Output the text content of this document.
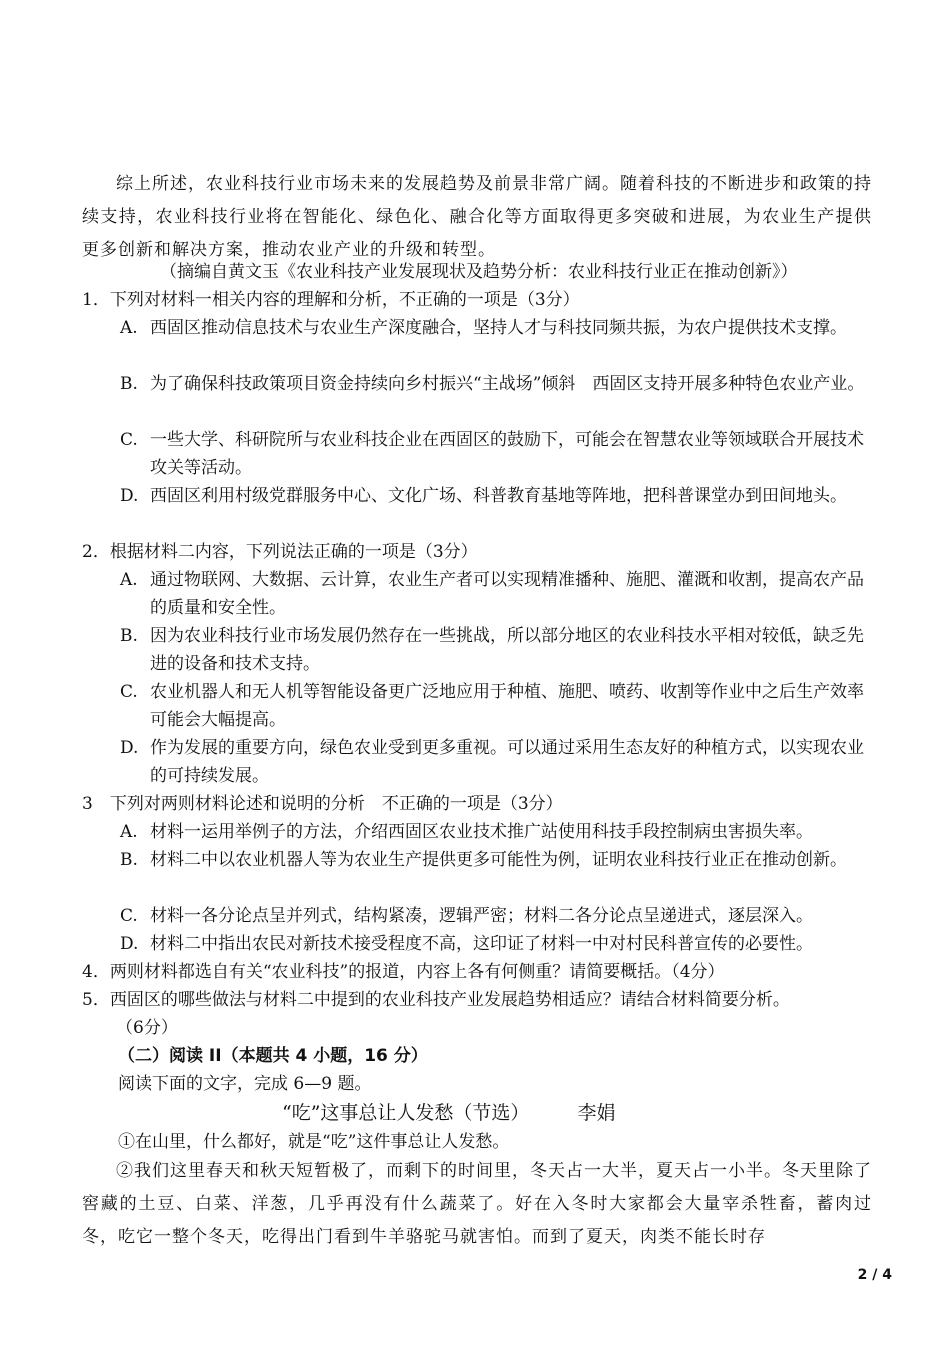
综上所述，农业科技行业市场未来的发展趋势及前景非常广阔。随着科技的不断进步和政策的持续支持，农业科技行业将在智能化、绿色化、融合化等方面取得更多突破和进展，为农业生产提供更多创新和解决方案，推动农业产业的升级和转型。
（摘编自黄文玉《农业科技产业发展现状及趋势分析：农业科技行业正在推动创新》）
1．下列对材料一相关内容的理解和分析，不正确的一项是（3分）
A. 西固区推动信息技术与农业生产深度融合，坚持人才与科技同频共振，为农户提供技术支撑。
B. 为了确保科技政策项目资金持续向乡村振兴“主战场”倾斜　西固区支持开展多种特色农业产业。
C. 一些大学、科研院所与农业科技企业在西固区的鼓励下，可能会在智慧农业等领域联合开展技术攻关等活动。
D. 西固区利用村级党群服务中心、文化广场、科普教育基地等阵地，把科普课堂办到田间地头。
2．根据材料二内容，下列说法正确的一项是（3分）
A. 通过物联网、大数据、云计算，农业生产者可以实现精准播种、施肥、灌溉和收割，提高农产品的质量和安全性。
B. 因为农业科技行业市场发展仍然存在一些挑战，所以部分地区的农业科技水平相对较低，缺乏先进的设备和技术支持。
C. 农业机器人和无人机等智能设备更广泛地应用于种植、施肥、喷药、收割等作业中之后生产效率可能会大幅提高。
D. 作为发展的重要方向，绿色农业受到更多重视。可以通过采用生态友好的种植方式，以实现农业的可持续发展。
3　下列对两则材料论述和说明的分析　不正确的一项是（3分）
A. 材料一运用举例子的方法，介绍西固区农业技术推广站使用科技手段控制病虫害损失率。
B. 材料二中以农业机器人等为农业生产提供更多可能性为例，证明农业科技行业正在推动创新。
C. 材料一各分论点呈并列式，结构紧凑，逻辑严密；材料二各分论点呈递进式，逐层深入。
D. 材料二中指出农民对新技术接受程度不高，这印证了材料一中对村民科普宣传的必要性。
4．两则材料都选自有关“农业科技”的报道，内容上各有何侧重？请简要概括。（4分）
5．西固区的哪些做法与材料二中提到的农业科技产业发展趋势相适应？请结合材料简要分析。
（6分）
（二）阅读 II（本题共 4 小题，16 分）
阅读下面的文字，完成 6—9 题。
“吃”这事总让人发愁（节选）	李娟
①在山里，什么都好，就是“吃”这件事总让人发愁。
②我们这里春天和秋天短暂极了，而剩下的时间里，冬天占一大半，夏天占一小半。冬天里除了窖藏的土豆、白菜、洋葱，几乎再没有什么蔬菜了。好在入冬时大家都会大量宰杀牲畜，蓄肉过冬，吃它一整个冬天，吃得出门看到牛羊骆驼马就害怕。而到了夏天，肉类不能长时存
2 / 4
